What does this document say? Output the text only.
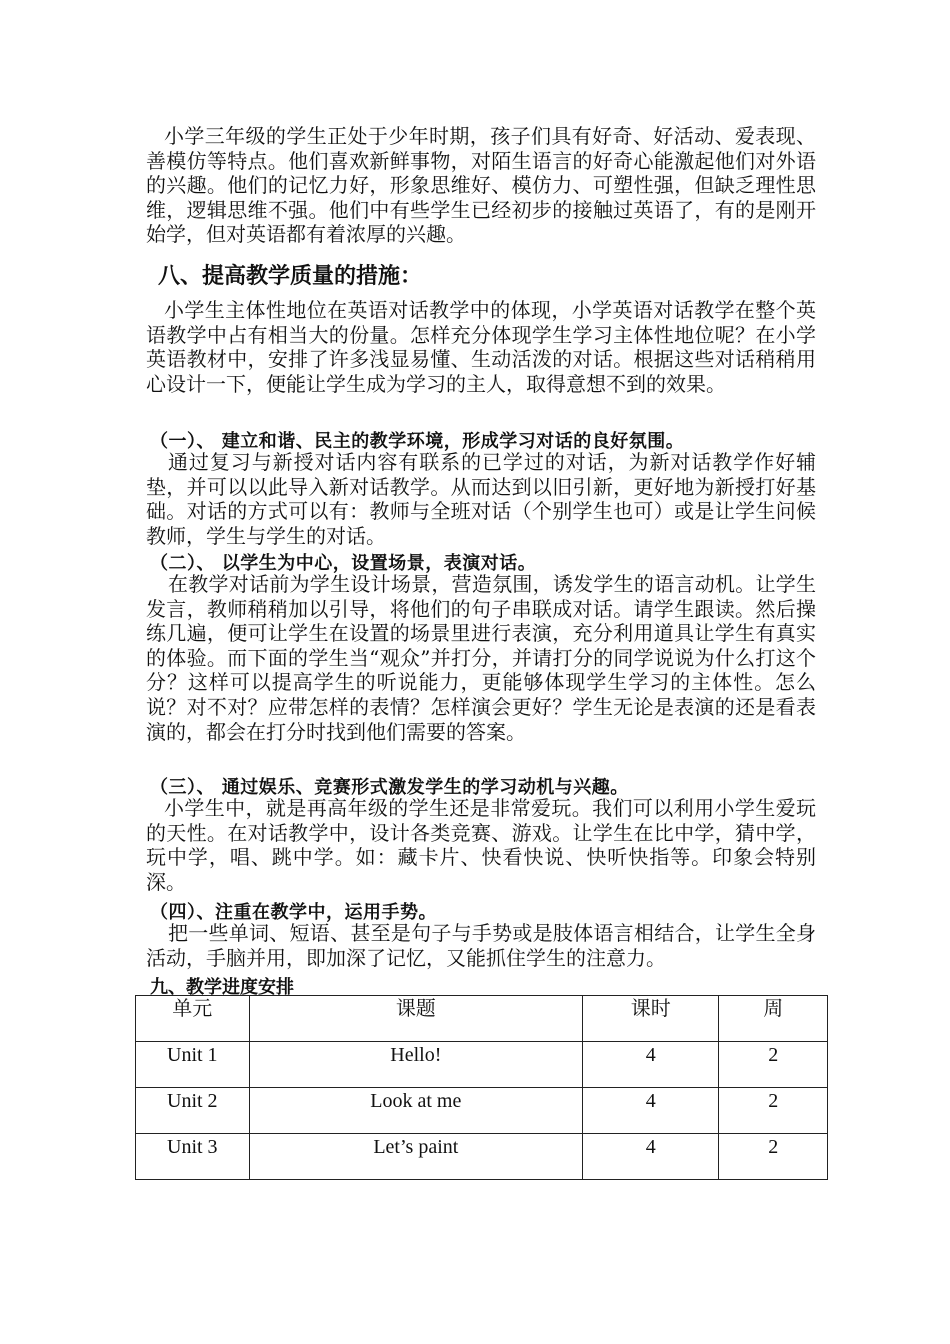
小学三年级的学生正处于少年时期，孩子们具有好奇、好活动、爱表现、善模仿等特点。他们喜欢新鲜事物，对陌生语言的好奇心能激起他们对外语的兴趣。他们的记忆力好，形象思维好、模仿力、可塑性强，但缺乏理性思维，逻辑思维不强。他们中有些学生已经初步的接触过英语了，有的是刚开始学，但对英语都有着浓厚的兴趣。

八、提高教学质量的措施：

小学生主体性地位在英语对话教学中的体现，小学英语对话教学在整个英语教学中占有相当大的份量。怎样充分体现学生学习主体性地位呢？在小学英语教材中，安排了许多浅显易懂、生动活泼的对话。根据这些对话稍稍用心设计一下，便能让学生成为学习的主人，取得意想不到的效果。

（一）、 建立和谐、民主的教学环境，形成学习对话的良好氛围。

通过复习与新授对话内容有联系的已学过的对话，为新对话教学作好辅垫，并可以以此导入新对话教学。从而达到以旧引新，更好地为新授打好基础。对话的方式可以有：教师与全班对话（个别学生也可）或是让学生问候教师，学生与学生的对话。

（二）、 以学生为中心，设置场景，表演对话。

在教学对话前为学生设计场景，营造氛围，诱发学生的语言动机。让学生发言，教师稍稍加以引导，将他们的句子串联成对话。请学生跟读。然后操练几遍，便可让学生在设置的场景里进行表演，充分利用道具让学生有真实的体验。而下面的学生当“观众”并打分，并请打分的同学说说为什么打这个分？这样可以提高学生的听说能力，更能够体现学生学习的主体性。怎么说？对不对？应带怎样的表情？怎样演会更好？学生无论是表演的还是看表演的，都会在打分时找到他们需要的答案。

（三）、 通过娱乐、竞赛形式激发学生的学习动机与兴趣。

小学生中，就是再高年级的学生还是非常爱玩。我们可以利用小学生爱玩的天性。在对话教学中，设计各类竞赛、游戏。让学生在比中学，猜中学，玩中学，唱、跳中学。如：藏卡片、快看快说、快听快指等。印象会特别深。

（四）、注重在教学中，运用手势。

把一些单词、短语、甚至是句子与手势或是肢体语言相结合，让学生全身活动，手脑并用，即加深了记忆，又能抓住学生的注意力。

九、教学进度安排
单元	课题	课时	周
Unit 1	Hello!	4	2
Unit 2	Look at me	4	2
Unit 3	Let’s paint	4	2
